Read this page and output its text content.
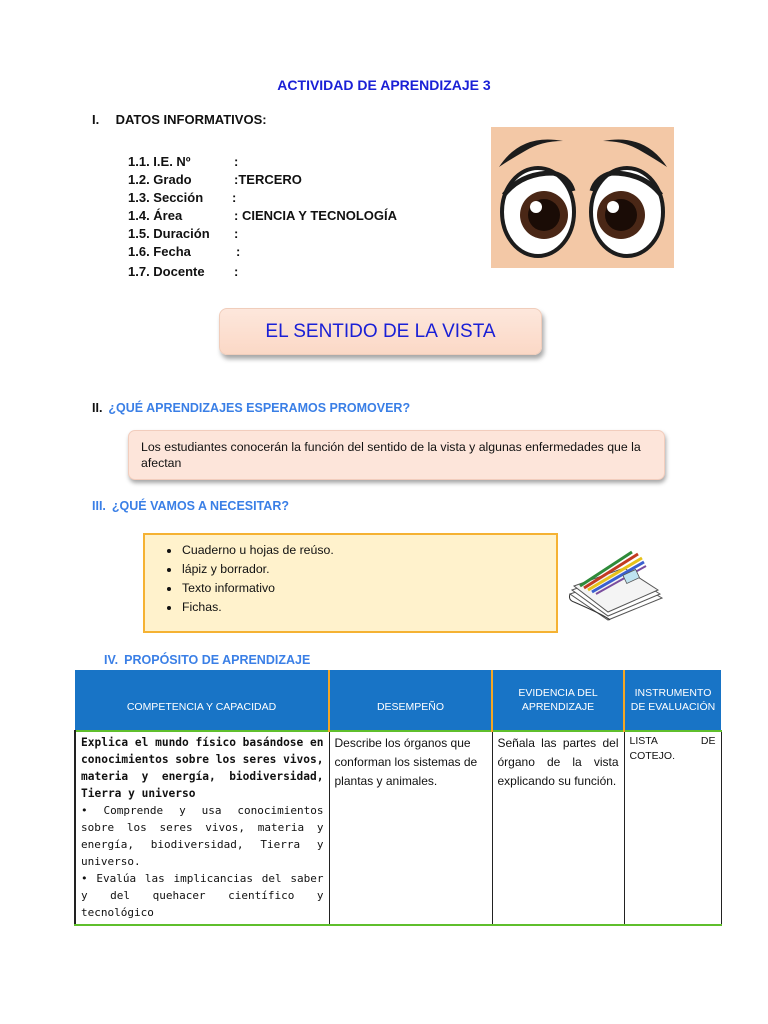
ACTIVIDAD DE APRENDIZAJE 3
I. DATOS INFORMATIVOS:
1.1. I.E. Nº	:
1.2. Grado	:TERCERO
1.3. Sección :
1.4. Área	: CIENCIA Y TECNOLOGÍA
1.5. Duración :
1.6. Fecha	:
1.7. Docente :
EL SENTIDO DE LA VISTA
II. ¿QUÉ APRENDIZAJES ESPERAMOS PROMOVER?

Los estudiantes conocerán la función del sentido de la vista y algunas enfermedades que la afectan

III. ¿QUÉ VAMOS A NECESITAR?
• Cuaderno u hojas de reúso.
• lápiz y borrador.
• Texto informativo
• Fichas.
IV. PROPÓSITO DE APRENDIZAJE
COMPETENCIA Y CAPACIDAD	DESEMPEÑO	EVIDENCIA DEL APRENDIZAJE	INSTRUMENTO DE EVALUACIÓN

Explica el mundo físico basándose en conocimientos sobre los seres vivos, materia y energía, biodiversidad, Tierra y universo
• Comprende y usa conocimientos sobre los seres vivos, materia y energía, biodiversidad, Tierra y universo.
• Evalúa las implicancias del saber y del quehacer científico y tecnológico	Describe los órganos que conforman los sistemas de plantas y animales.	Señala las partes del órgano de la vista explicando su función.	LISTA DE COTEJO.
